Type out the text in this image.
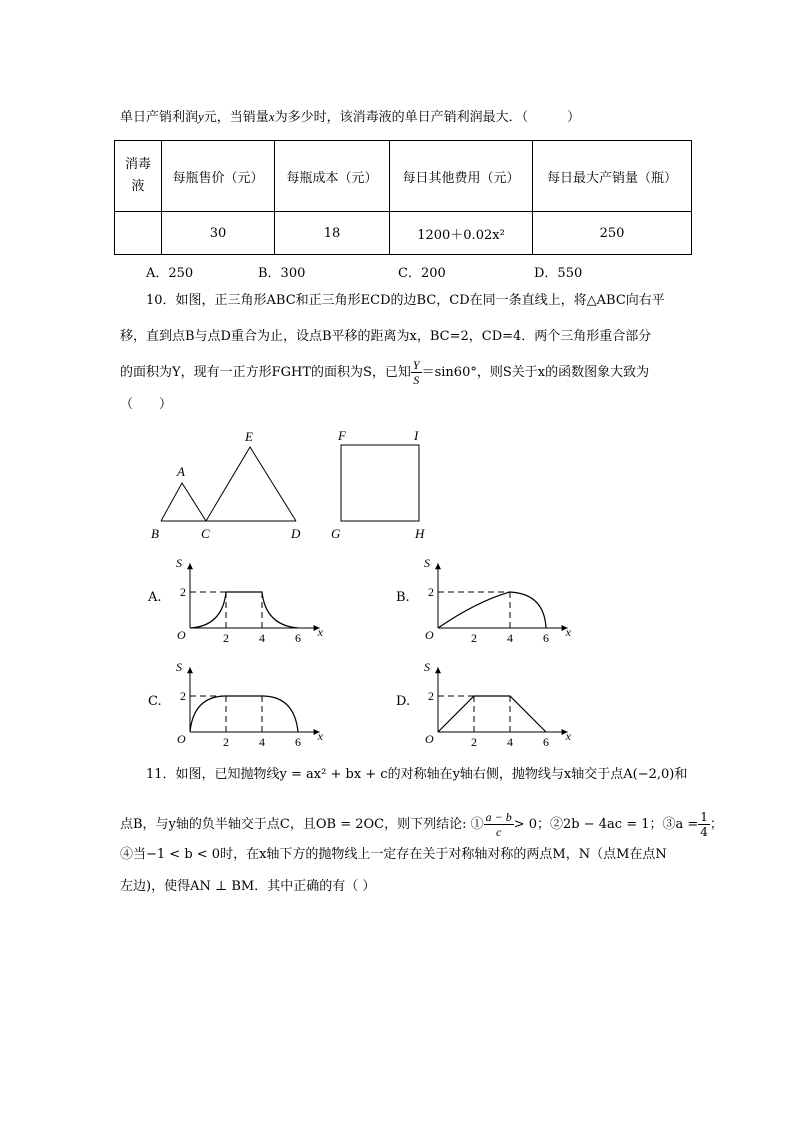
单日产销利润y元，当销量x为多少时，该消毒液的单日产销利润最大．（　　　）
消毒液	每瓶售价（元）	每瓶成本（元）	每日其他费用（元）	每日最大产销量（瓶）
	30	18	1200＋0.02x²	250
A．250	B．300	C．200	D．550
10．如图，正三角形ABC和正三角形ECD的边BC，CD在同一条直线上，将△ABC向右平
移，直到点B与点D重合为止，设点B平移的距离为x，BC=2，CD=4．两个三角形重合部分
的面积为Y，现有一正方形FGHT的面积为S，已知 $\frac{Y}{S} =\sin 60^\circ$，则S关于x的函数图象大致为
（　　）
A
E
B	C	D
F	I
G	H
A.
S
x
O
2
2	4	6
B.
S
x
O
2
2	4	6
C.
S
x
O
2
2	4	6
D.
S
x
O
2
2	4	6
11．如图，已知抛物线y = ax² + bx + c的对称轴在y轴右侧，抛物线与x轴交于点A(−2,0)和
点B，与y轴的负半轴交于点C，且OB = 2OC，则下列结论: ① $\frac{a - b}{c} > 0$；②2b − 4ac = 1；③a = $\frac{1}{4}$ ；
④当−1 < b < 0时，在x轴下方的抛物线上一定存在关于对称轴对称的两点M，N（点M在点N
左边)，使得AN ⊥ BM．其中正确的有（ ）
